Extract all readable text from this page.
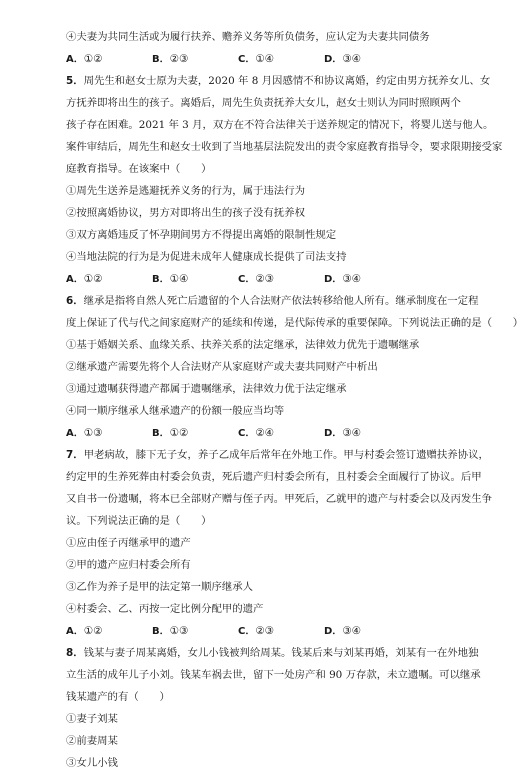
④夫妻为共同生活或为履行扶养、赡养义务等所负债务，应认定为夫妻共同债务
A．①②	B．②③	C．①④	D．③④
5．周先生和赵女士原为夫妻，2020 年 8 月因感情不和协议离婚，约定由男方抚养女儿、女
方抚养即将出生的孩子。离婚后，周先生负责抚养大女儿，赵女士则认为同时照顾两个
孩子存在困难。2021 年 3 月，双方在不符合法律关于送养规定的情况下，将婴儿送与他人。
案件审结后，周先生和赵女士收到了当地基层法院发出的责令家庭教育指导令，要求限期接受家
庭教育指导。在该案中（　　）
①周先生送养是逃避抚养义务的行为，属于违法行为
②按照离婚协议，男方对即将出生的孩子没有抚养权
③双方离婚违反了怀孕期间男方不得提出离婚的限制性规定
④当地法院的行为是为促进未成年人健康成长提供了司法支持
A．①②	B．①④	C．②③	D．③④
6．继承是指将自然人死亡后遗留的个人合法财产依法转移给他人所有。继承制度在一定程
度上保证了代与代之间家庭财产的延续和传递，是代际传承的重要保障。下列说法正确的是（　　）
①基于婚姻关系、血缘关系、扶养关系的法定继承，法律效力优先于遗嘱继承
②继承遗产需要先将个人合法财产从家庭财产或夫妻共同财产中析出
③通过遗嘱获得遗产都属于遗嘱继承，法律效力优于法定继承
④同一顺序继承人继承遗产的份额一般应当均等
A．①③	B．①②	C．②④	D．③④
7．甲老病故，膝下无子女，养子乙成年后常年在外地工作。甲与村委会签订遗赠扶养协议，
约定甲的生养死葬由村委会负责，死后遗产归村委会所有，且村委会全面履行了协议。后甲
又自书一份遗嘱，将本已全部财产赠与侄子丙。甲死后，乙就甲的遗产与村委会以及丙发生争
议。下列说法正确的是（　　）
①应由侄子丙继承甲的遗产
②甲的遗产应归村委会所有
③乙作为养子是甲的法定第一顺序继承人
④村委会、乙、丙按一定比例分配甲的遗产
A．①②	B．①③	C．②③	D．③④
8．钱某与妻子周某离婚，女儿小钱被判给周某。钱某后来与刘某再婚，刘某有一在外地独
立生活的成年儿子小刘。钱某车祸去世，留下一处房产和 90 万存款，未立遗嘱。可以继承
钱某遗产的有（　　）
①妻子刘某
②前妻周某
③女儿小钱
